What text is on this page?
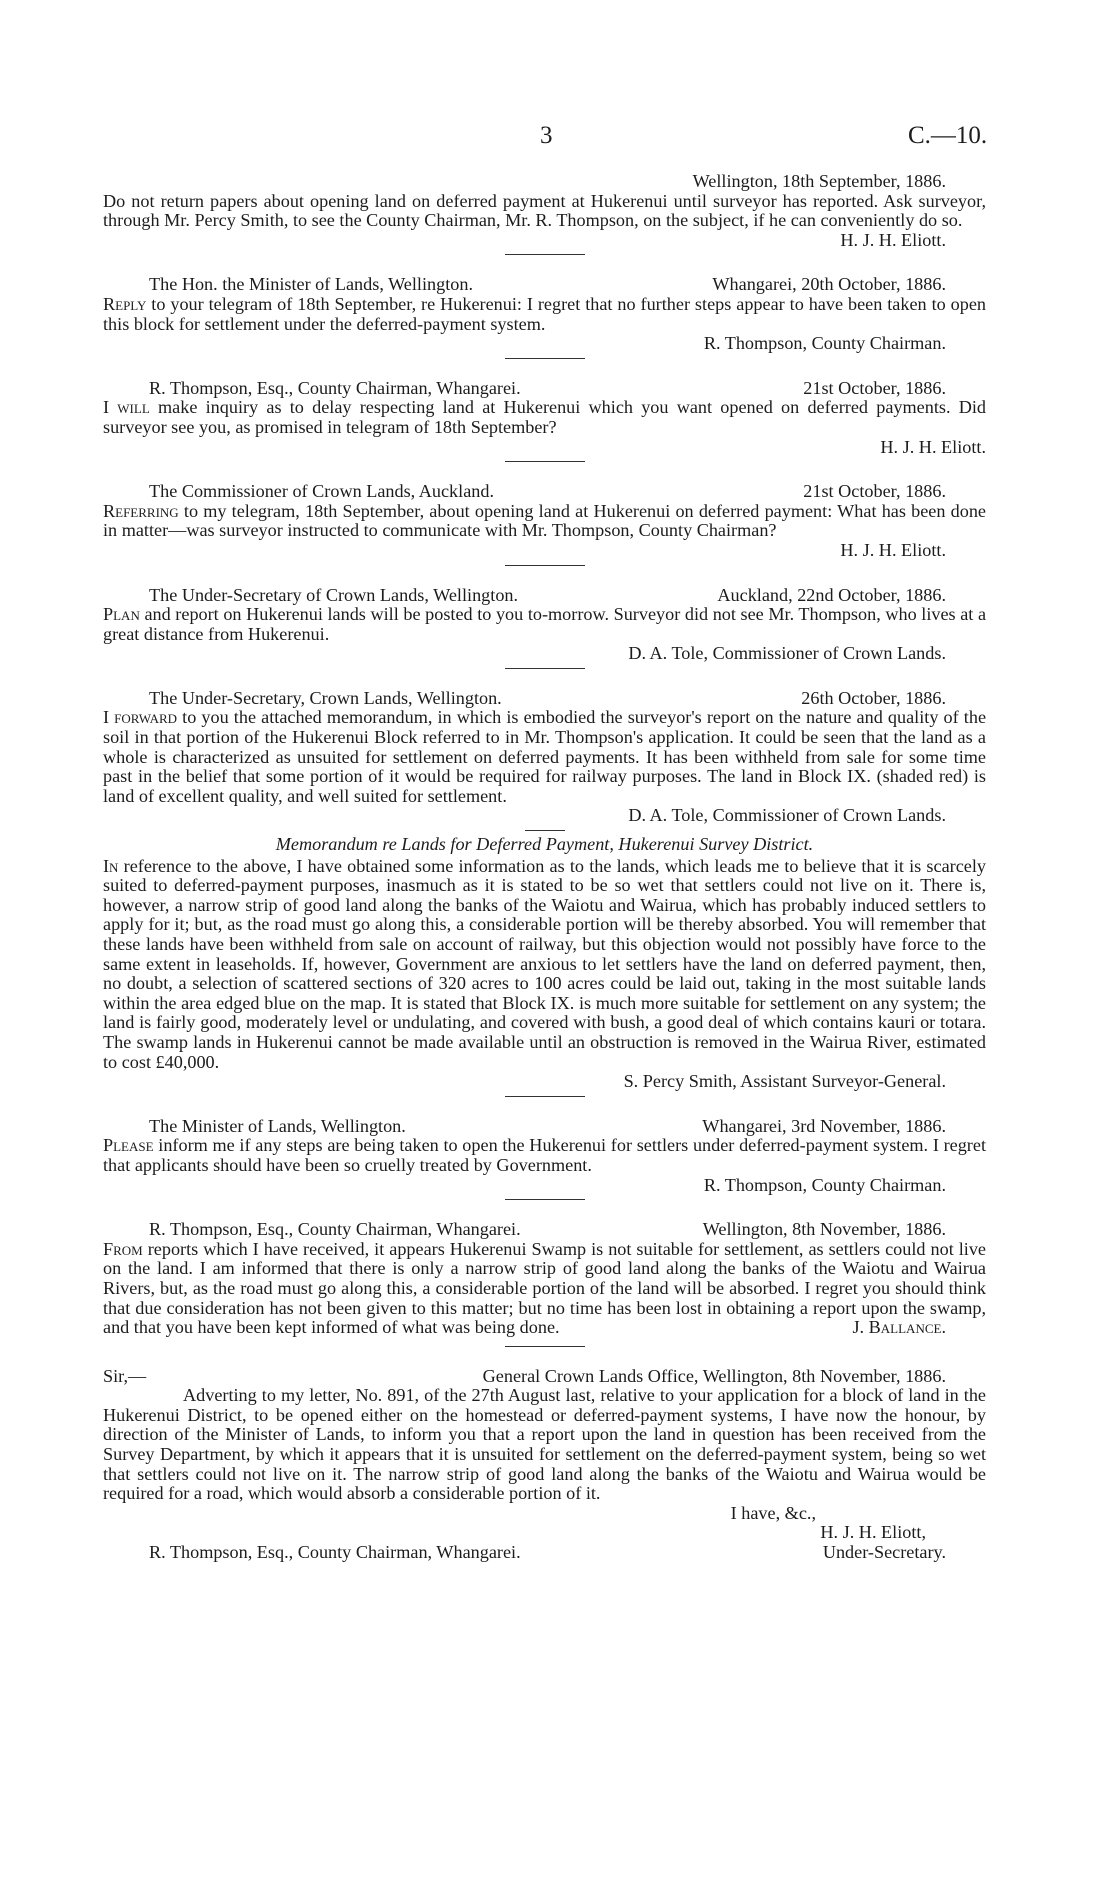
3	C.—10.
Wellington, 18th September, 1886.

Do not return papers about opening land on deferred payment at Hukerenui until surveyor has reported. Ask surveyor, through Mr. Percy Smith, to see the County Chairman, Mr. R. Thompson, on the subject, if he can conveniently do so.

H. J. H. Eliott.
The Hon. the Minister of Lands, Wellington.	Whangarei, 20th October, 1886.

Reply to your telegram of 18th September, re Hukerenui: I regret that no further steps appear to have been taken to open this block for settlement under the deferred-payment system.

R. Thompson, County Chairman.
R. Thompson, Esq., County Chairman, Whangarei.	21st October, 1886.

I will make inquiry as to delay respecting land at Hukerenui which you want opened on deferred payments. Did surveyor see you, as promised in telegram of 18th September?

H. J. H. Eliott.
The Commissioner of Crown Lands, Auckland.	21st October, 1886.

Referring to my telegram, 18th September, about opening land at Hukerenui on deferred payment: What has been done in matter—was surveyor instructed to communicate with Mr. Thompson, County Chairman?

H. J. H. Eliott.
The Under-Secretary of Crown Lands, Wellington.	Auckland, 22nd October, 1886.

Plan and report on Hukerenui lands will be posted to you to-morrow. Surveyor did not see Mr. Thompson, who lives at a great distance from Hukerenui.

D. A. Tole, Commissioner of Crown Lands.
The Under-Secretary, Crown Lands, Wellington.	26th October, 1886.

I forward to you the attached memorandum, in which is embodied the surveyor's report on the nature and quality of the soil in that portion of the Hukerenui Block referred to in Mr. Thompson's application. It could be seen that the land as a whole is characterized as unsuited for settlement on deferred payments. It has been withheld from sale for some time past in the belief that some portion of it would be required for railway purposes. The land in Block IX. (shaded red) is land of excellent quality, and well suited for settlement.

D. A. Tole, Commissioner of Crown Lands.
Memorandum re Lands for Deferred Payment, Hukerenui Survey District.

In reference to the above, I have obtained some information as to the lands, which leads me to believe that it is scarcely suited to deferred-payment purposes, inasmuch as it is stated to be so wet that settlers could not live on it. There is, however, a narrow strip of good land along the banks of the Waiotu and Wairua, which has probably induced settlers to apply for it; but, as the road must go along this, a considerable portion will be thereby absorbed. You will remember that these lands have been withheld from sale on account of railway, but this objection would not possibly have force to the same extent in leaseholds. If, however, Government are anxious to let settlers have the land on deferred payment, then, no doubt, a selection of scattered sections of 320 acres to 100 acres could be laid out, taking in the most suitable lands within the area edged blue on the map. It is stated that Block IX. is much more suitable for settlement on any system; the land is fairly good, moderately level or undulating, and covered with bush, a good deal of which contains kauri or totara. The swamp lands in Hukerenui cannot be made available until an obstruction is removed in the Wairua River, estimated to cost £40,000.

S. Percy Smith, Assistant Surveyor-General.
The Minister of Lands, Wellington.	Whangarei, 3rd November, 1886.

Please inform me if any steps are being taken to open the Hukerenui for settlers under deferred-payment system. I regret that applicants should have been so cruelly treated by Government.

R. Thompson, County Chairman.
R. Thompson, Esq., County Chairman, Whangarei.	Wellington, 8th November, 1886.

From reports which I have received, it appears Hukerenui Swamp is not suitable for settlement, as settlers could not live on the land. I am informed that there is only a narrow strip of good land along the banks of the Waiotu and Wairua Rivers, but, as the road must go along this, a considerable portion of the land will be absorbed. I regret you should think that due consideration has not been given to this matter; but no time has been lost in obtaining a report upon the swamp, and that you have been kept informed of what was being done.	J. Ballance.

Sir,—	General Crown Lands Office, Wellington, 8th November, 1886.

Adverting to my letter, No. 891, of the 27th August last, relative to your application for a block of land in the Hukerenui District, to be opened either on the homestead or deferred-payment systems, I have now the honour, by direction of the Minister of Lands, to inform you that a report upon the land in question has been received from the Survey Department, by which it appears that it is unsuited for settlement on the deferred-payment system, being so wet that settlers could not live on it. The narrow strip of good land along the banks of the Waiotu and Wairua would be required for a road, which would absorb a considerable portion of it.

I have, &c.,
H. J. H. Eliott,
R. Thompson, Esq., County Chairman, Whangarei.	Under-Secretary.
